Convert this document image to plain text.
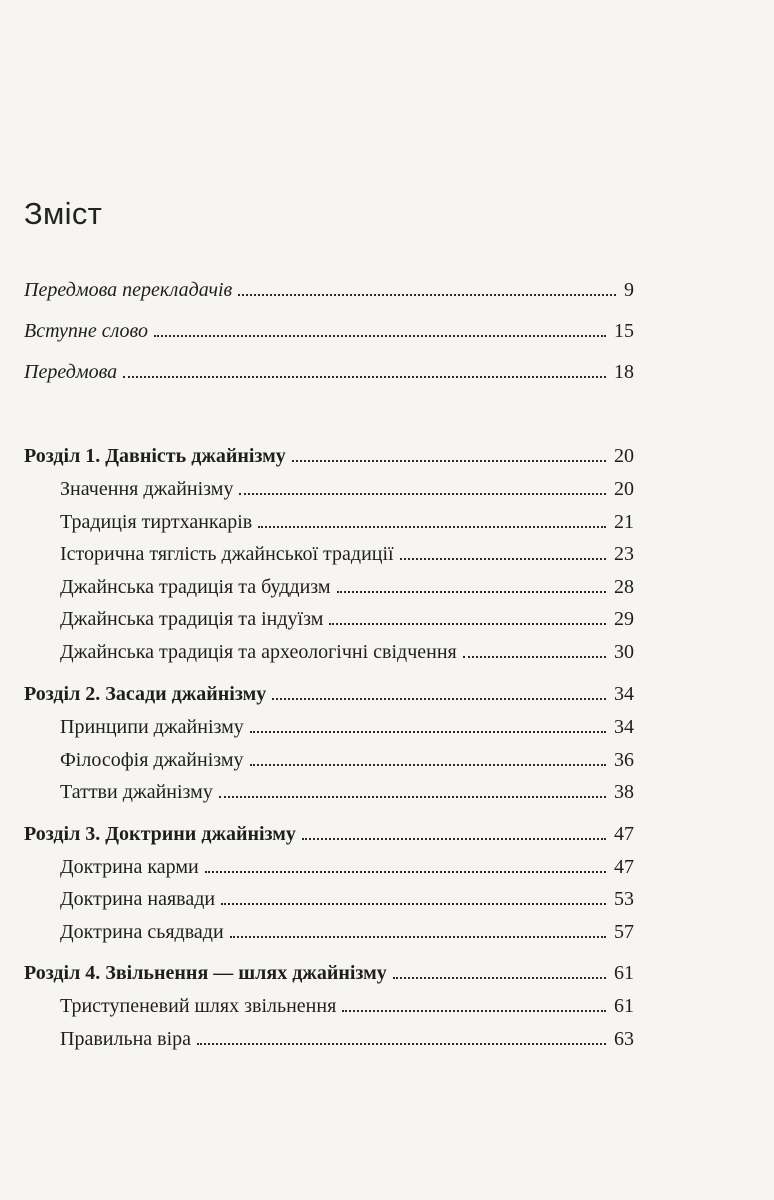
Зміст
Передмова перекладачів	9
Вступне слово	15
Передмова	18
Розділ 1. Давність джайнізму	20
Значення джайнізму	20
Традиція тиртханкарів	21
Історична тяглість джайнської традиції	23
Джайнська традиція та буддизм	28
Джайнська традиція та індуїзм	29
Джайнська традиція та археологічні свідчення	30
Розділ 2. Засади джайнізму	34
Принципи джайнізму	34
Філософія джайнізму	36
Таттви джайнізму	38
Розділ 3. Доктрини джайнізму	47
Доктрина карми	47
Доктрина наявади	53
Доктрина сьядвади	57
Розділ 4. Звільнення — шлях джайнізму	61
Триступеневий шлях звільнення	61
Правильна віра	63
